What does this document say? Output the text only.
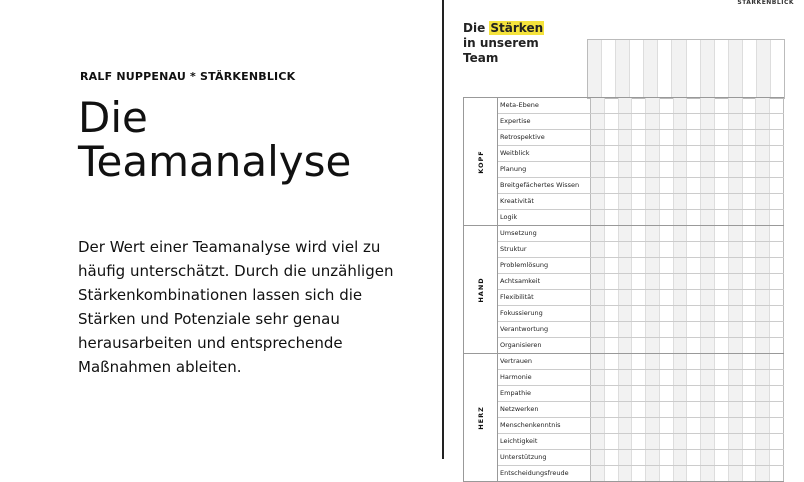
RALF NUPPENAU * STÄRKENBLICK
Die
Teamanalyse

Der Wert einer Teamanalyse wird viel zu häufig unterschätzt. Durch die unzähligen Stärkenkombinationen lassen sich die Stärken und Potenziale sehr genau herausarbeiten und entsprechende Maßnahmen ableiten.

STÄRKENBLICK
Die Stärken
in unserem
Team
KOPF
Meta-Ebene
Expertise
Retrospektive
Weitblick
Planung
Breitgefächertes Wissen
Kreativität
Logik
HAND
Umsetzung
Struktur
Problemlösung
Achtsamkeit
Flexibilität
Fokussierung
Verantwortung
Organisieren
HERZ
Vertrauen
Harmonie
Empathie
Netzwerken
Menschenkenntnis
Leichtigkeit
Unterstützung
Entscheidungsfreude
